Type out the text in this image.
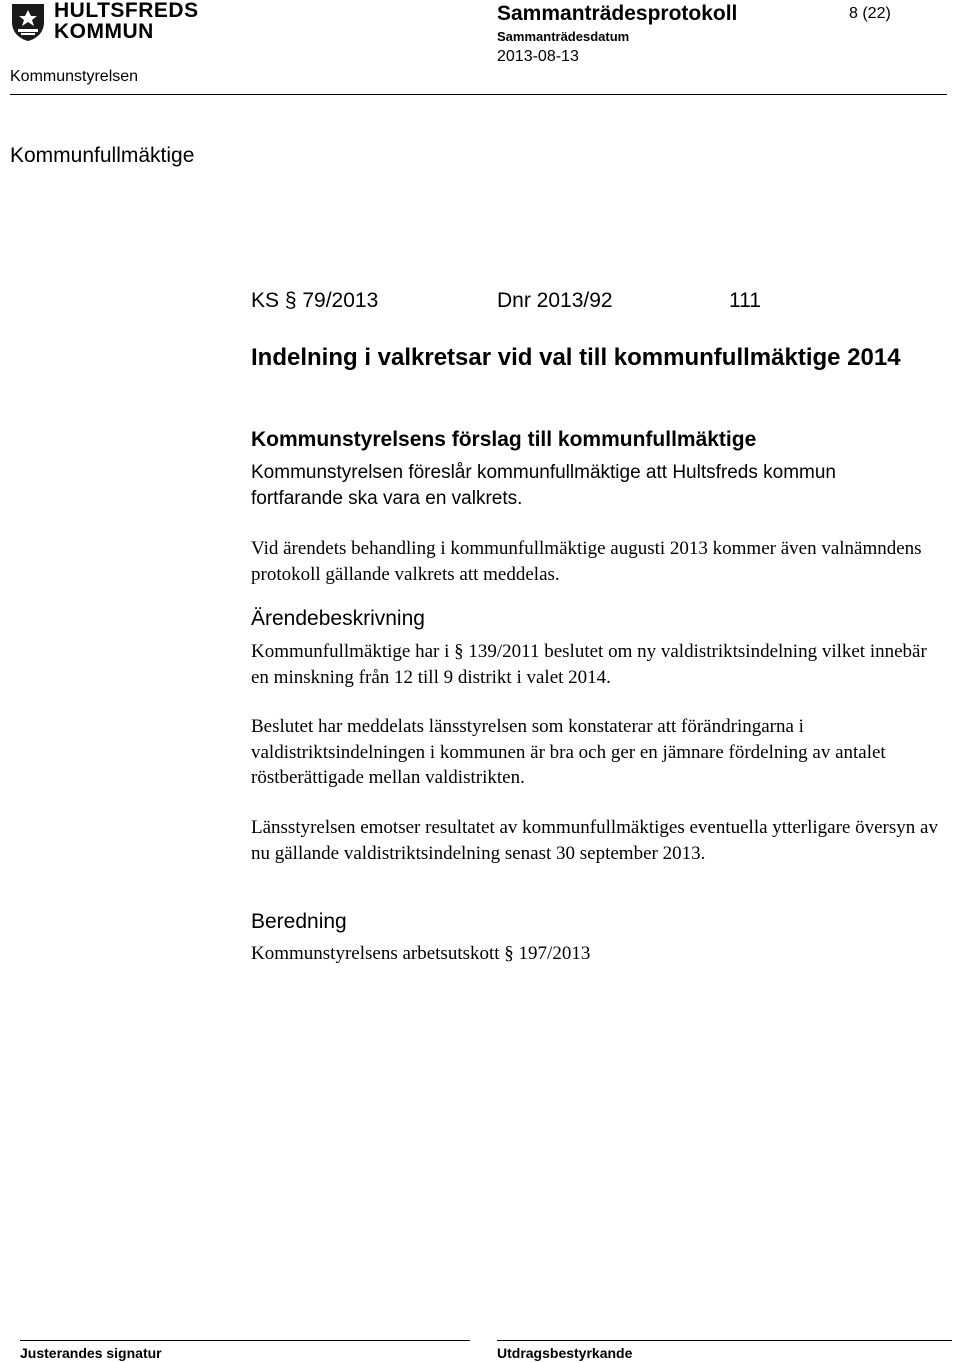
HULTSFREDS
KOMMUN
Sammanträdesprotokoll	8 (22)
Sammanträdesdatum
2013-08-13
Kommunstyrelsen
Kommunfullmäktige
KS § 79/2013	Dnr 2013/92	111
Indelning i valkretsar vid val till kommunfullmäktige 2014
Kommunstyrelsens förslag till kommunfullmäktige
Kommunstyrelsen föreslår kommunfullmäktige att Hultsfreds kommun fortfarande ska vara en valkrets.
Vid ärendets behandling i kommunfullmäktige augusti 2013 kommer även valnämndens protokoll gällande valkrets att meddelas.
Ärendebeskrivning
Kommunfullmäktige har i § 139/2011 beslutet om ny valdistriktsindelning vilket innebär en minskning från 12 till 9 distrikt i valet 2014.
Beslutet har meddelats länsstyrelsen som konstaterar att förändringarna i valdistriktsindelningen i kommunen är bra och ger en jämnare fördelning av antalet röstberättigade mellan valdistrikten.
Länsstyrelsen emotser resultatet av kommunfullmäktiges eventuella ytterligare översyn av nu gällande valdistriktsindelning senast 30 september 2013.
Beredning
Kommunstyrelsens arbetsutskott § 197/2013
Justerandes signatur	Utdragsbestyrkande
